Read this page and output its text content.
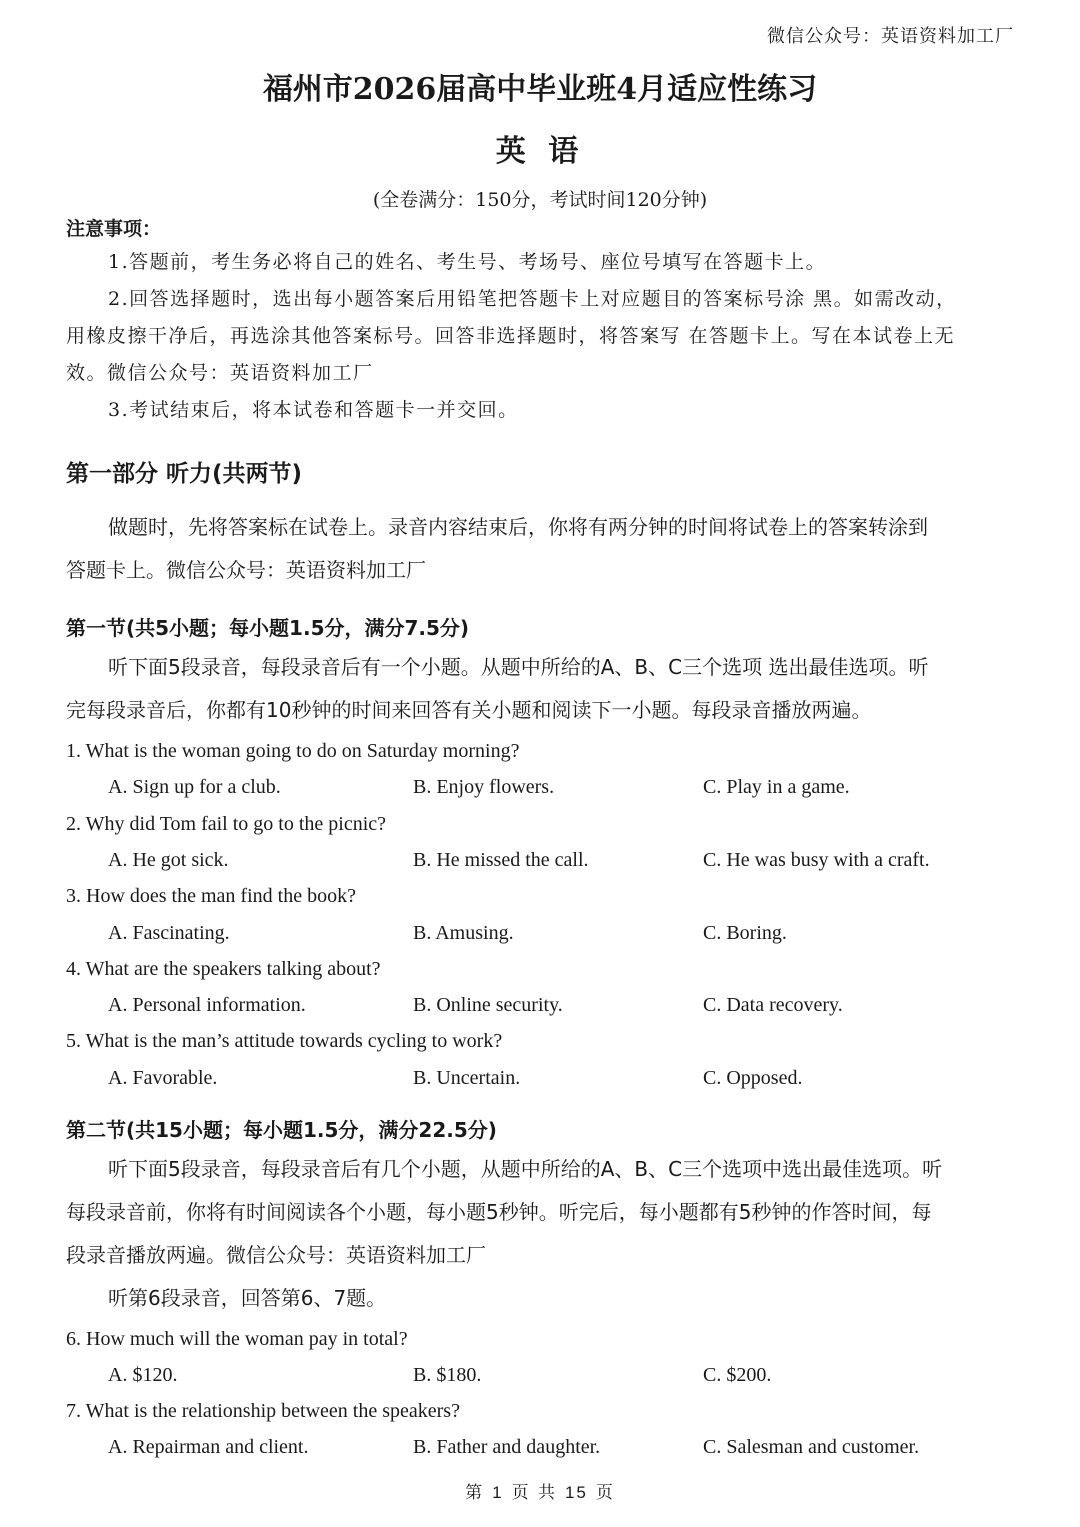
微信公众号：英语资料加工厂
福州市2026届高中毕业班4月适应性练习
英 语
(全卷满分：150分，考试时间120分钟)
注意事项：
1.答题前，考生务必将自己的姓名、考生号、考场号、座位号填写在答题卡上。
2.回答选择题时，选出每小题答案后用铅笔把答题卡上对应题目的答案标号涂 黑。如需改动，
用橡皮擦干净后，再选涂其他答案标号。回答非选择题时，将答案写 在答题卡上。写在本试卷上无
效。微信公众号：英语资料加工厂
3.考试结束后，将本试卷和答题卡一并交回。
第一部分 听力(共两节)
做题时，先将答案标在试卷上。录音内容结束后，你将有两分钟的时间将试卷上的答案转涂到
答题卡上。微信公众号：英语资料加工厂
第一节(共5小题；每小题1.5分，满分7.5分)
听下面5段录音，每段录音后有一个小题。从题中所给的A、B、C三个选项 选出最佳选项。听
完每段录音后，你都有10秒钟的时间来回答有关小题和阅读下一小题。每段录音播放两遍。
1. What is the woman going to do on Saturday morning?
A. Sign up for a club.	B. Enjoy flowers.	C. Play in a game.
2. Why did Tom fail to go to the picnic?
A. He got sick.	B. He missed the call.	C. He was busy with a craft.
3. How does the man find the book?
A. Fascinating.	B. Amusing.	C. Boring.
4. What are the speakers talking about?
A. Personal information.	B. Online security.	C. Data recovery.
5. What is the man’s attitude towards cycling to work?
A. Favorable.	B. Uncertain.	C. Opposed.
第二节(共15小题；每小题1.5分，满分22.5分)
听下面5段录音，每段录音后有几个小题，从题中所给的A、B、C三个选项中选出最佳选项。听
每段录音前，你将有时间阅读各个小题，每小题5秒钟。听完后，每小题都有5秒钟的作答时间，每
段录音播放两遍。微信公众号：英语资料加工厂
听第6段录音，回答第6、7题。
6. How much will the woman pay in total?
A. $120.	B. $180.	C. $200.
7. What is the relationship between the speakers?
A. Repairman and client.	B. Father and daughter.	C. Salesman and customer.
第 1 页 共 15 页
